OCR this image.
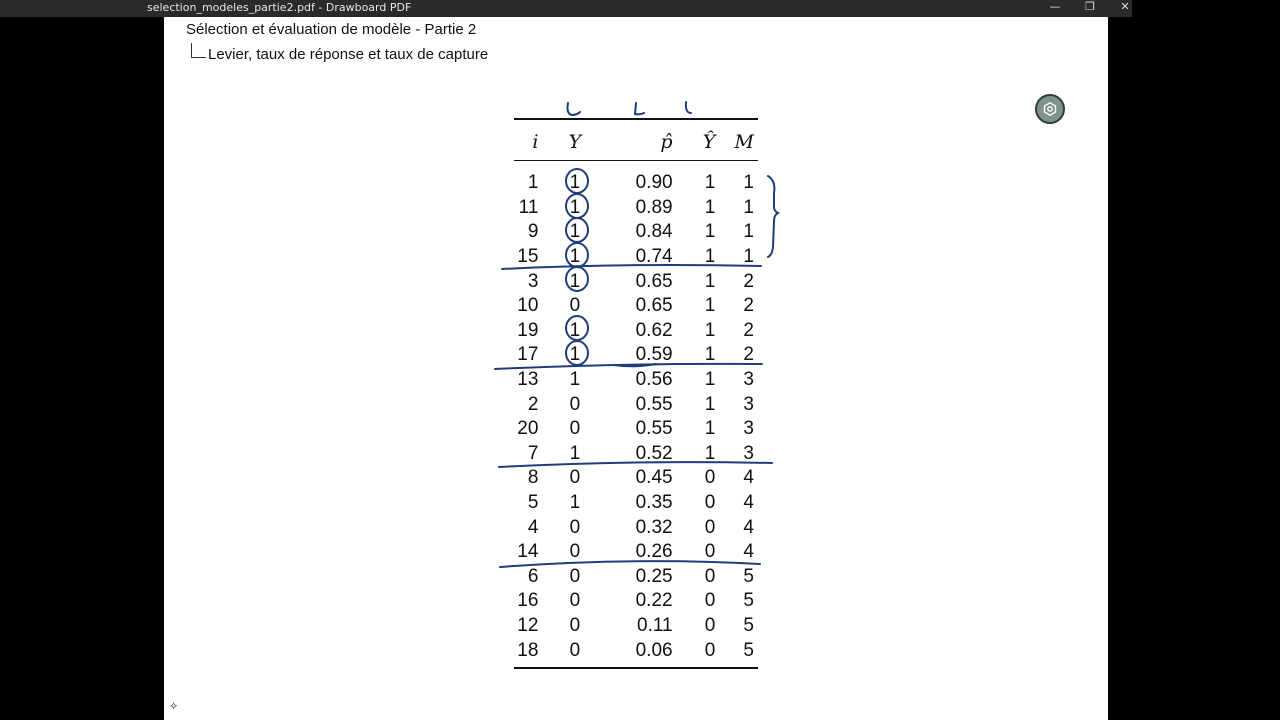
selection_modeles_partie2.pdf - Drawboard PDF	—	❐	✕
Sélection et évaluation de modèle - Partie 2
Levier, taux de réponse et taux de capture
i	Y	p̂	Ŷ	M

1	1	0.90	1	1
11	1	0.89	1	1
9	1	0.84	1	1
15	1	0.74	1	1
3	1	0.65	1	2
10	0	0.65	1	2
19	1	0.62	1	2
17	1	0.59	1	2
13	1	0.56	1	3
2	0	0.55	1	3
20	0	0.55	1	3
7	1	0.52	1	3
8	0	0.45	0	4
5	1	0.35	0	4
4	0	0.32	0	4
14	0	0.26	0	4
6	0	0.25	0	5
16	0	0.22	0	5
12	0	0.11	0	5
18	0	0.06	0	5
⟡
